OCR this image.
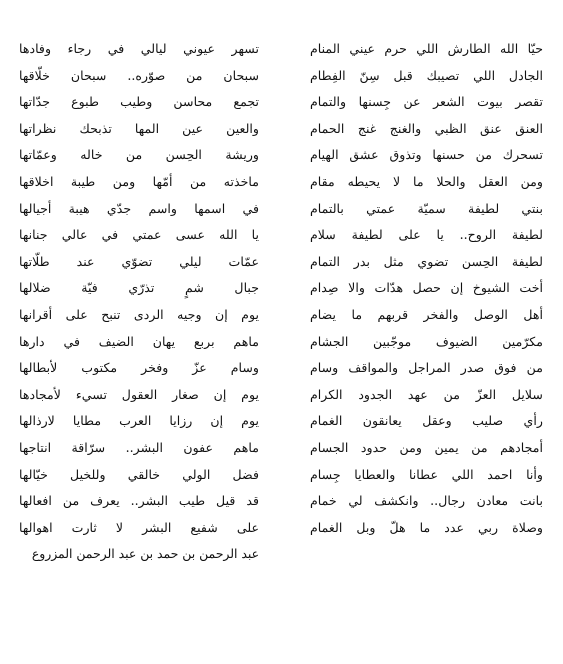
حيّا الله الطارش اللي حرم عيني المنام
الجادل اللي تصيبك قبل سِنّ الفِطام
تقصر بيوت الشعر عن جِسنها والتمام
العنق عنق الظبي والغنج غنج الحمام
تسحرك من حسنها وتذوق عشق الهيام
ومن العقل والحلا ما لا يحيطه مقام
بنتي لطيفة سميّة عمتي بالتمام
لطيفة الروح.. يا على لطيفة سلام
لطيفة الحِسن تضوي مثل بدر التمام
أخت الشيوخ إن حصل هدّات والا صِدام
أهل الوصل والفخر قربهم ما يضام
مكرّمين الضيوف موجّبين الجشام
من فوق صدر المراجل والمواقف وسام
سلايل العزّ من عهد الجدود الكرام
رأي صليب وعقل يعانقون الغمام
أمجادهم من يمين ومن حدود الجسام
وأنا احمد اللي عطانا والعطايا جِسام
بانت معادن رجال.. وانكشف لي خمام
وصلاة ربي عدد ما هلّ وبل الغمام
تسهر عيوني ليالي في رجاء وفادها
سبحان من صوّره.. سبحان خلّاقها
تجمع محاسن وطيب طبوع جدّاتها
والعين عين المها تذبحك نظراتها
وريشة الحِسن من خاله وعمّاتها
ماخذته من أمّها ومن طيبة اخلاقها
في اسمها واسم جدّي هيبة أجيالها
يا الله عسى عمتي في عالي جنانها
عمّات ليلي تضوّي عند طلّاتها
جبال شمٍ تذرّي فيّة ضلالها
يوم إن وجيه الردى تنبح على أقرانها
ماهم بربع يهان الضيف في دارها
وسام عزّ وفخر مكتوب لأبطالها
يوم إن صغار العقول تسيء لأمجادها
يوم إن رزايا العرب مطايا لارذالها
ماهم عفون البشر.. سرّاقة انتاجها
فضل الولي خالقي وللخيل خيّالها
قد قيل طيب البشر.. يعرف من افعالها
على شفيع البشر لا ثارت اهوالها
عبد الرحمن بن حمد بن عبد الرحمن المزروع
